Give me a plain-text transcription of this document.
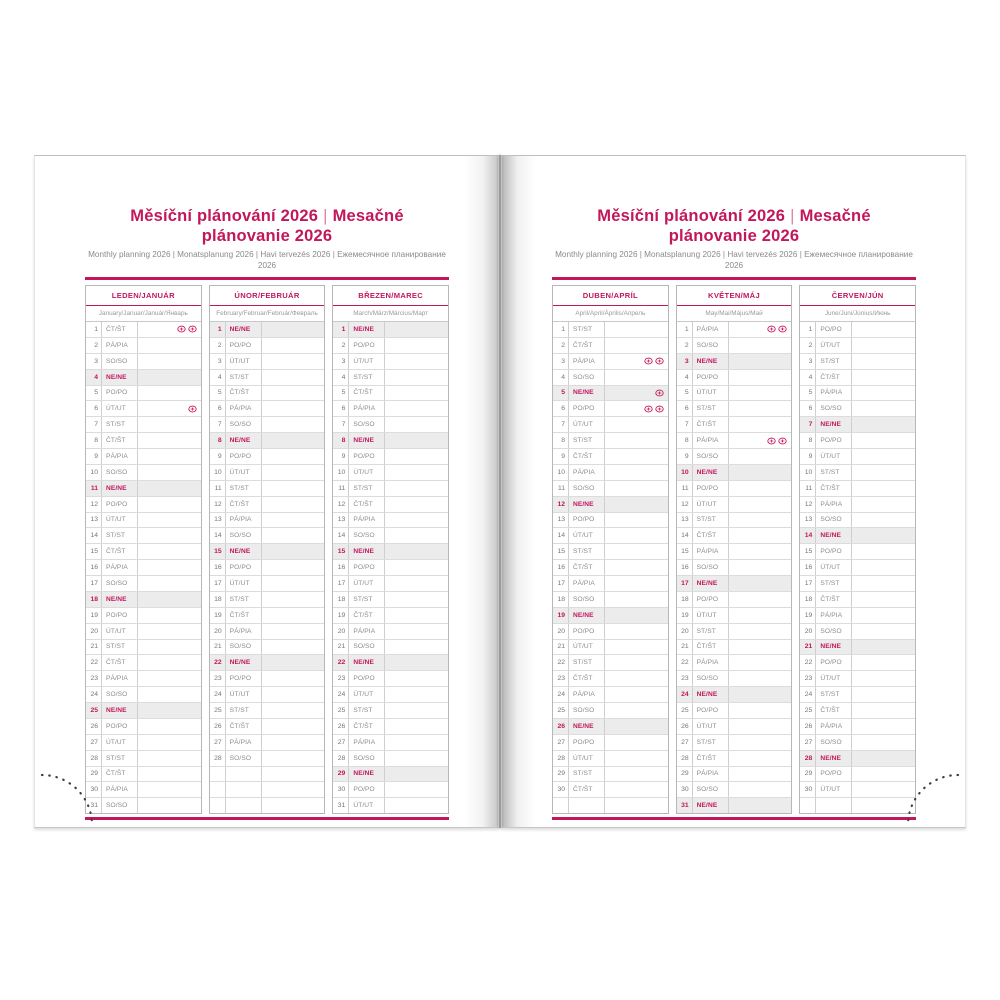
Měsíční plánování 2026 | Mesačné plánovanie 2026
Monthly planning 2026 | Monatsplanung 2026 | Havi tervezés 2026 | Ежемесячное планирование 2026
LEDEN/JANUÁR
January/Januar/Január/Январь
1	ČT/ŠT
2	PÁ/PIA
3	SO/SO
4	NE/NE
5	PO/PO
6	ÚT/UT
7	ST/ST
8	ČT/ŠT
9	PÁ/PIA
10	SO/SO
11	NE/NE
12	PO/PO
13	ÚT/UT
14	ST/ST
15	ČT/ŠT
16	PÁ/PIA
17	SO/SO
18	NE/NE
19	PO/PO
20	ÚT/UT
21	ST/ST
22	ČT/ŠT
23	PÁ/PIA
24	SO/SO
25	NE/NE
26	PO/PO
27	ÚT/UT
28	ST/ST
29	ČT/ŠT
30	PÁ/PIA
31	SO/SO
ÚNOR/FEBRUÁR
February/Februar/Február/Февраль
1	NE/NE
2	PO/PO
3	ÚT/UT
4	ST/ST
5	ČT/ŠT
6	PÁ/PIA
7	SO/SO
8	NE/NE
9	PO/PO
10	ÚT/UT
11	ST/ST
12	ČT/ŠT
13	PÁ/PIA
14	SO/SO
15	NE/NE
16	PO/PO
17	ÚT/UT
18	ST/ST
19	ČT/ŠT
20	PÁ/PIA
21	SO/SO
22	NE/NE
23	PO/PO
24	ÚT/UT
25	ST/ST
26	ČT/ŠT
27	PÁ/PIA
28	SO/SO
BŘEZEN/MAREC
March/März/Március/Март
1	NE/NE
2	PO/PO
3	ÚT/UT
4	ST/ST
5	ČT/ŠT
6	PÁ/PIA
7	SO/SO
8	NE/NE
9	PO/PO
10	ÚT/UT
11	ST/ST
12	ČT/ŠT
13	PÁ/PIA
14	SO/SO
15	NE/NE
16	PO/PO
17	ÚT/UT
18	ST/ST
19	ČT/ŠT
20	PÁ/PIA
21	SO/SO
22	NE/NE
23	PO/PO
24	ÚT/UT
25	ST/ST
26	ČT/ŠT
27	PÁ/PIA
28	SO/SO
29	NE/NE
30	PO/PO
31	ÚT/UT
Měsíční plánování 2026 | Mesačné plánovanie 2026
Monthly planning 2026 | Monatsplanung 2026 | Havi tervezés 2026 | Ежемесячное планирование 2026
DUBEN/APRÍL
April/April/Április/Апрель
1	ST/ST
2	ČT/ŠT
3	PÁ/PIA
4	SO/SO
5	NE/NE
6	PO/PO
7	ÚT/UT
8	ST/ST
9	ČT/ŠT
10	PÁ/PIA
11	SO/SO
12	NE/NE
13	PO/PO
14	ÚT/UT
15	ST/ST
16	ČT/ŠT
17	PÁ/PIA
18	SO/SO
19	NE/NE
20	PO/PO
21	ÚT/UT
22	ST/ST
23	ČT/ŠT
24	PÁ/PIA
25	SO/SO
26	NE/NE
27	PO/PO
28	ÚT/UT
29	ST/ST
30	ČT/ŠT
KVĚTEN/MÁJ
May/Mai/Május/Май
1	PÁ/PIA
2	SO/SO
3	NE/NE
4	PO/PO
5	ÚT/UT
6	ST/ST
7	ČT/ŠT
8	PÁ/PIA
9	SO/SO
10	NE/NE
11	PO/PO
12	ÚT/UT
13	ST/ST
14	ČT/ŠT
15	PÁ/PIA
16	SO/SO
17	NE/NE
18	PO/PO
19	ÚT/UT
20	ST/ST
21	ČT/ŠT
22	PÁ/PIA
23	SO/SO
24	NE/NE
25	PO/PO
26	ÚT/UT
27	ST/ST
28	ČT/ŠT
29	PÁ/PIA
30	SO/SO
31	NE/NE
ČERVEN/JÚN
June/Juni/Június/Июнь
1	PO/PO
2	ÚT/UT
3	ST/ST
4	ČT/ŠT
5	PÁ/PIA
6	SO/SO
7	NE/NE
8	PO/PO
9	ÚT/UT
10	ST/ST
11	ČT/ŠT
12	PÁ/PIA
13	SO/SO
14	NE/NE
15	PO/PO
16	ÚT/UT
17	ST/ST
18	ČT/ŠT
19	PÁ/PIA
20	SO/SO
21	NE/NE
22	PO/PO
23	ÚT/UT
24	ST/ST
25	ČT/ŠT
26	PÁ/PIA
27	SO/SO
28	NE/NE
29	PO/PO
30	ÚT/UT
